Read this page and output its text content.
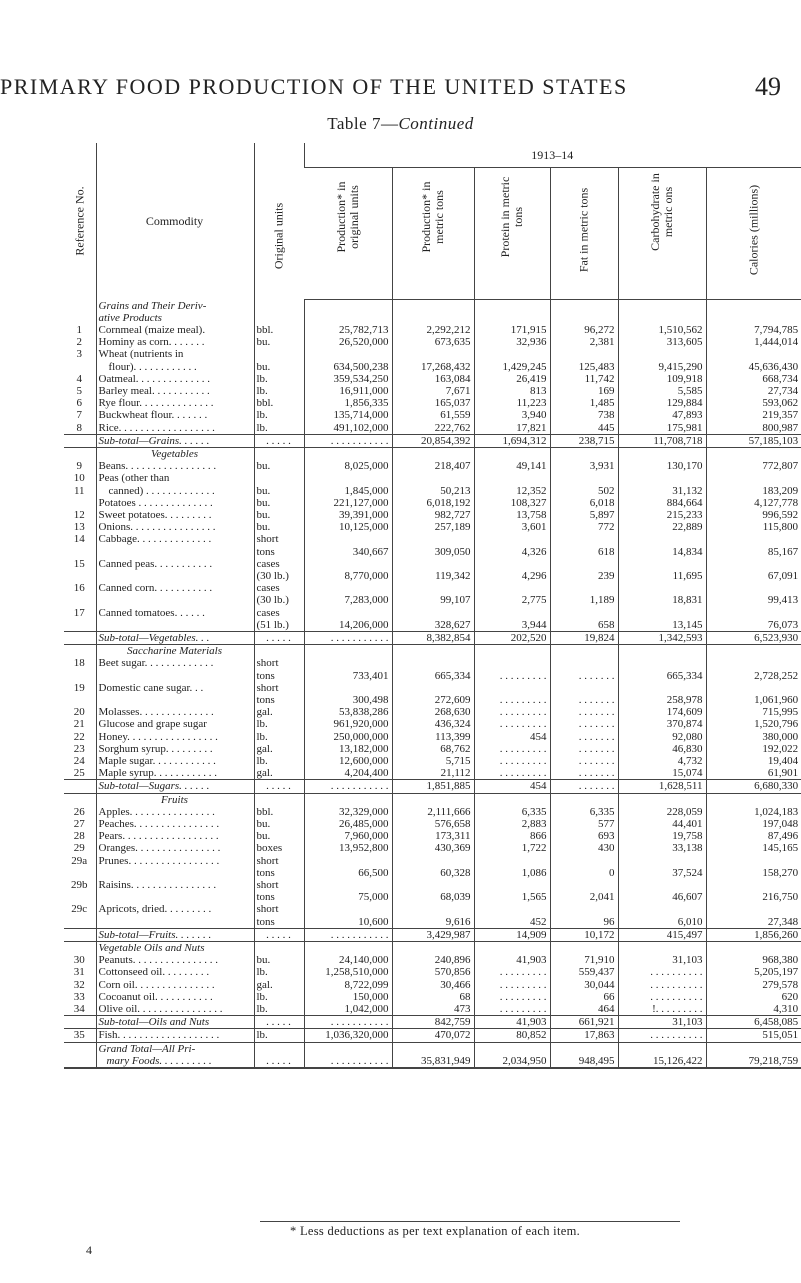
PRIMARY FOOD PRODUCTION OF THE UNITED STATES	49
Table 7—Continued
Reference No.	Commodity	Original units	1913–14					

			Production* in original units	Production* in metric tons	Protein in metric tons	Fat in metric tons	Carbohydrate in metric ons	Calories (millions)

	Grains and Their Deriv-							
	ative Products							
1	Cornmeal (maize meal).	bbl.	25,782,713	2,292,212	171,915	96,272	1,510,562	7,794,785
2	Hominy as corn. . . . . . .	bu.	26,520,000	673,635	32,936	2,381	313,605	1,444,014
3	Wheat (nutrients in							
	flour). . . . . . . . . . . .	bu.	634,500,238	17,268,432	1,429,245	125,483	9,415,290	45,636,430
4	Oatmeal. . . . . . . . . . . . . .	lb.	359,534,250	163,084	26,419	11,742	109,918	668,734
5	Barley meal. . . . . . . . . . .	lb.	16,911,000	7,671	813	169	5,585	27,734
6	Rye flour. . . . . . . . . . . . . .	bbl.	1,856,335	165,037	11,223	1,485	129,884	593,062
7	Buckwheat flour. . . . . . .	lb.	135,714,000	61,559	3,940	738	47,893	219,357
8	Rice. . . . . . . . . . . . . . . . . .	lb.	491,102,000	222,762	17,821	445	175,981	800,987
	Sub-total—Grains. . . . . .	. . . . .	. . . . . . . . . . .	20,854,392	1,694,312	238,715	11,708,718	57,185,103
	Vegetables							
9	Beans. . . . . . . . . . . . . . . . .	bu.	8,025,000	218,407	49,141	3,931	130,170	772,807
10	Peas (other than							
11	canned) . . . . . . . . . . . . .	bu.	1,845,000	50,213	12,352	502	31,132	183,209
	Potatoes . . . . . . . . . . . . . .	bu.	221,127,000	6,018,192	108,327	6,018	884,664	4,127,778
12	Sweet potatoes. . . . . . . . .	bu.	39,391,000	982,727	13,758	5,897	215,233	996,592
13	Onions. . . . . . . . . . . . . . . .	bu.	10,125,000	257,189	3,601	772	22,889	115,800
14	Cabbage. . . . . . . . . . . . . .	short						
		tons	340,667	309,050	4,326	618	14,834	85,167
15	Canned peas. . . . . . . . . . .	cases						
		(30 lb.)	8,770,000	119,342	4,296	239	11,695	67,091
16	Canned corn. . . . . . . . . . .	cases						
		(30 lb.)	7,283,000	99,107	2,775	1,189	18,831	99,413
17	Canned tomatoes. . . . . .	cases						
		(51 lb.)	14,206,000	328,627	3,944	658	13,145	76,073
	Sub-total—Vegetables. . .	. . . . .	. . . . . . . . . . .	8,382,854	202,520	19,824	1,342,593	6,523,930
	Saccharine Materials							
18	Beet sugar. . . . . . . . . . . . .	short						
		tons	733,401	665,334	. . . . . . . . .	. . . . . . .	665,334	2,728,252
19	Domestic cane sugar. . .	short						
		tons	300,498	272,609	. . . . . . . . .	. . . . . . .	258,978	1,061,960
20	Molasses. . . . . . . . . . . . . .	gal.	53,838,286	268,630	. . . . . . . . .	. . . . . . .	174,609	715,995
21	Glucose and grape sugar	lb.	961,920,000	436,324	. . . . . . . . .	. . . . . . .	370,874	1,520,796
22	Honey. . . . . . . . . . . . . . . . .	lb.	250,000,000	113,399	454	. . . . . . .	92,080	380,000
23	Sorghum syrup. . . . . . . . .	gal.	13,182,000	68,762	. . . . . . . . .	. . . . . . .	46,830	192,022
24	Maple sugar. . . . . . . . . . . .	lb.	12,600,000	5,715	. . . . . . . . .	. . . . . . .	4,732	19,404
25	Maple syrup. . . . . . . . . . . .	gal.	4,204,400	21,112	. . . . . . . . .	. . . . . . .	15,074	61,901
	Sub-total—Sugars. . . . . .	. . . . .	. . . . . . . . . . .	1,851,885	454	. . . . . . .	1,628,511	6,680,330
	Fruits							
26	Apples. . . . . . . . . . . . . . . .	bbl.	32,329,000	2,111,666	6,335	6,335	228,059	1,024,183
27	Peaches. . . . . . . . . . . . . . . .	bu.	26,485,000	576,658	2,883	577	44,401	197,048
28	Pears. . . . . . . . . . . . . . . . . .	bu.	7,960,000	173,311	866	693	19,758	87,496
29	Oranges. . . . . . . . . . . . . . . .	boxes	13,952,800	430,369	1,722	430	33,138	145,165
29a	Prunes. . . . . . . . . . . . . . . . .	short						
		tons	66,500	60,328	1,086	0	37,524	158,270
29b	Raisins. . . . . . . . . . . . . . . .	short						
		tons	75,000	68,039	1,565	2,041	46,607	216,750
29c	Apricots, dried. . . . . . . . .	short						
		tons	10,600	9,616	452	96	6,010	27,348
	Sub-total—Fruits. . . . . . .	. . . . .	. . . . . . . . . . .	3,429,987	14,909	10,172	415,497	1,856,260
	Vegetable Oils and Nuts							
30	Peanuts. . . . . . . . . . . . . . . .	bu.	24,140,000	240,896	41,903	71,910	31,103	968,380
31	Cottonseed oil. . . . . . . . .	lb.	1,258,510,000	570,856	. . . . . . . . .	559,437	. . . . . . . . . .	5,205,197
32	Corn oil. . . . . . . . . . . . . . .	gal.	8,722,099	30,466	. . . . . . . . .	30,044	. . . . . . . . . .	279,578
33	Cocoanut oil. . . . . . . . . . .	lb.	150,000	68	. . . . . . . . .	66	. . . . . . . . . .	620
34	Olive oil. . . . . . . . . . . . . . . .	lb.	1,042,000	473	. . . . . . . . .	464	!. . . . . . . . .	4,310
	Sub-total—Oils and Nuts	. . . . .	. . . . . . . . . . .	842,759	41,903	661,921	31,103	6,458,085
35	Fish. . . . . . . . . . . . . . . . . . .	lb.	1,036,320,000	470,072	80,852	17,863	. . . . . . . . . .	515,051

	Grand Total—All Pri-
mary Foods. . . . . . . . . .	. . . . .	. . . . . . . . . . .	35,831,949	2,034,950	948,495	15,126,422	79,218,759
* Less deductions as per text explanation of each item.
4
